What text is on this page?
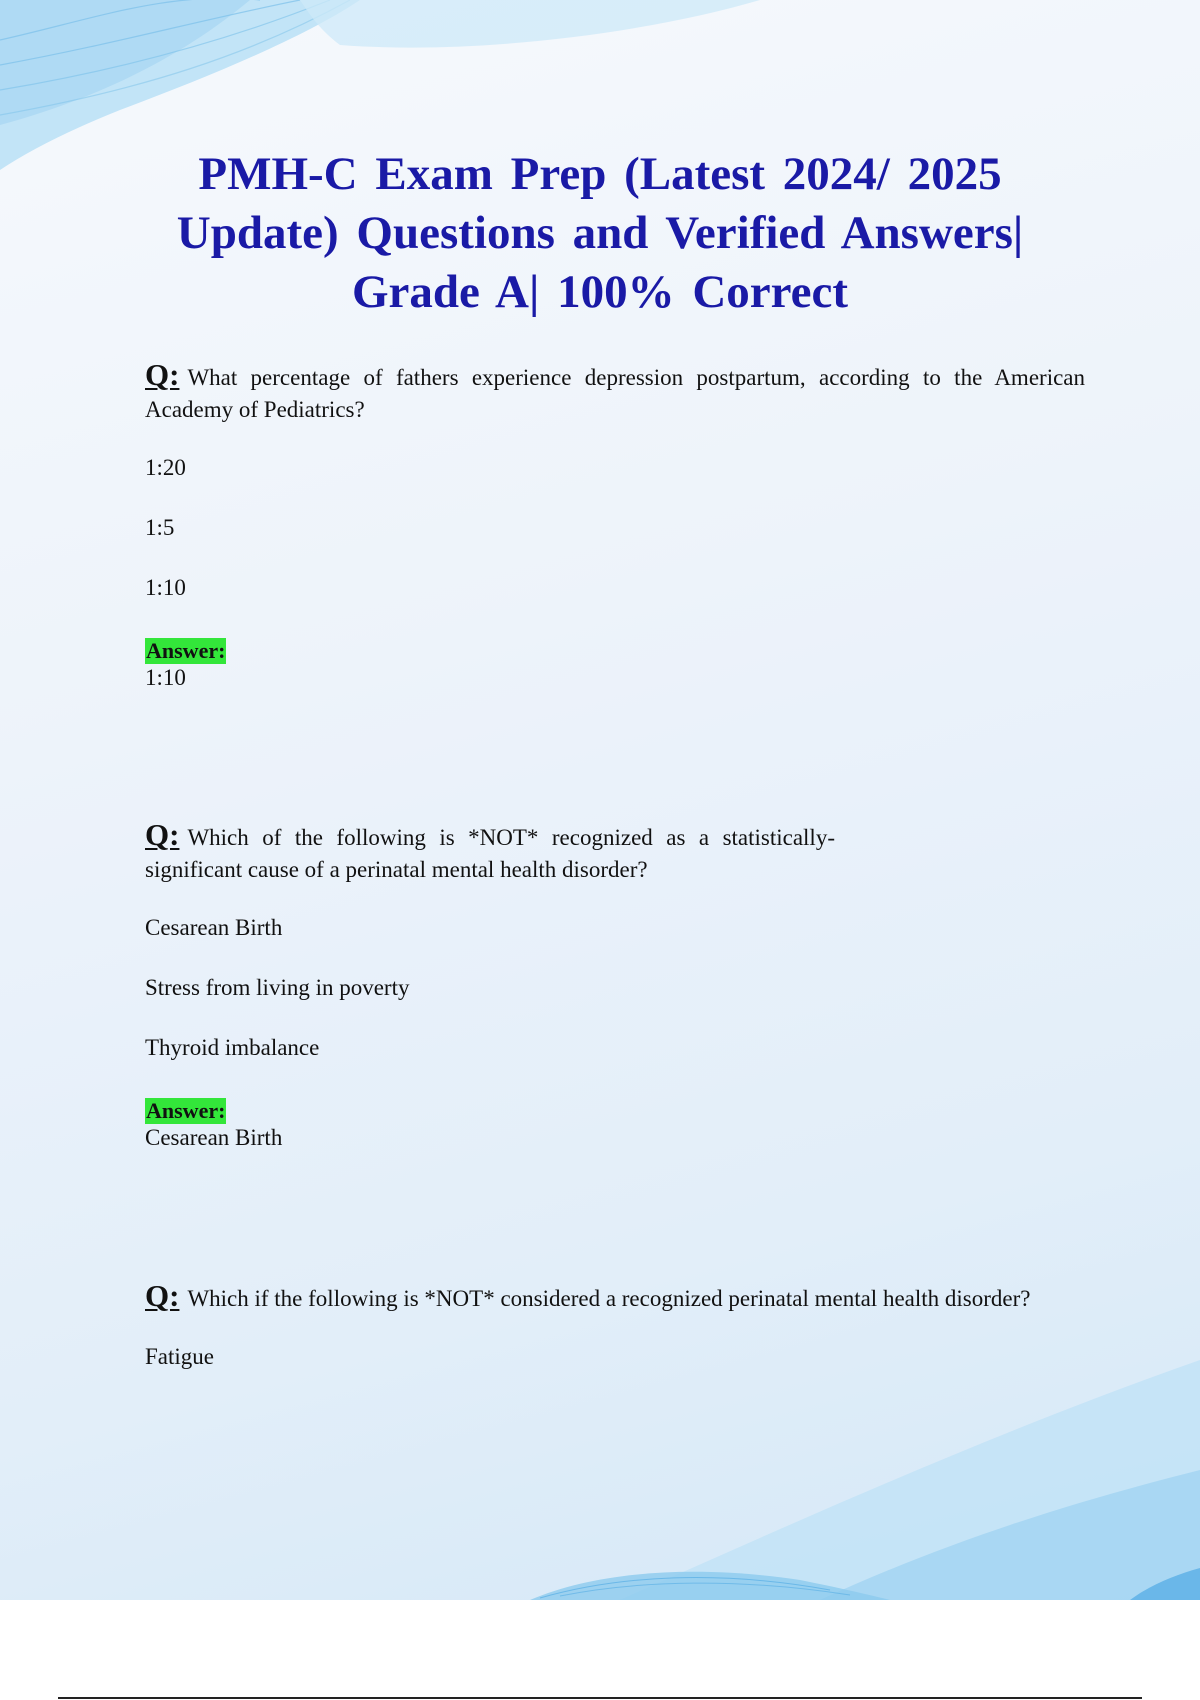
PMH-C Exam Prep (Latest 2024/ 2025
Update) Questions and Verified Answers|
Grade A| 100% Correct

Q: What percentage of fathers experience depression postpartum, according to the American Academy of Pediatrics?

1:20
1:5
1:10
Answer:
1:10

Q: Which of the following is *NOT* recognized as a statistically-significant cause of a perinatal mental health disorder?

Cesarean Birth
Stress from living in poverty
Thyroid imbalance
Answer:
Cesarean Birth

Q: Which if the following is *NOT* considered a recognized perinatal mental health disorder?

Fatigue
